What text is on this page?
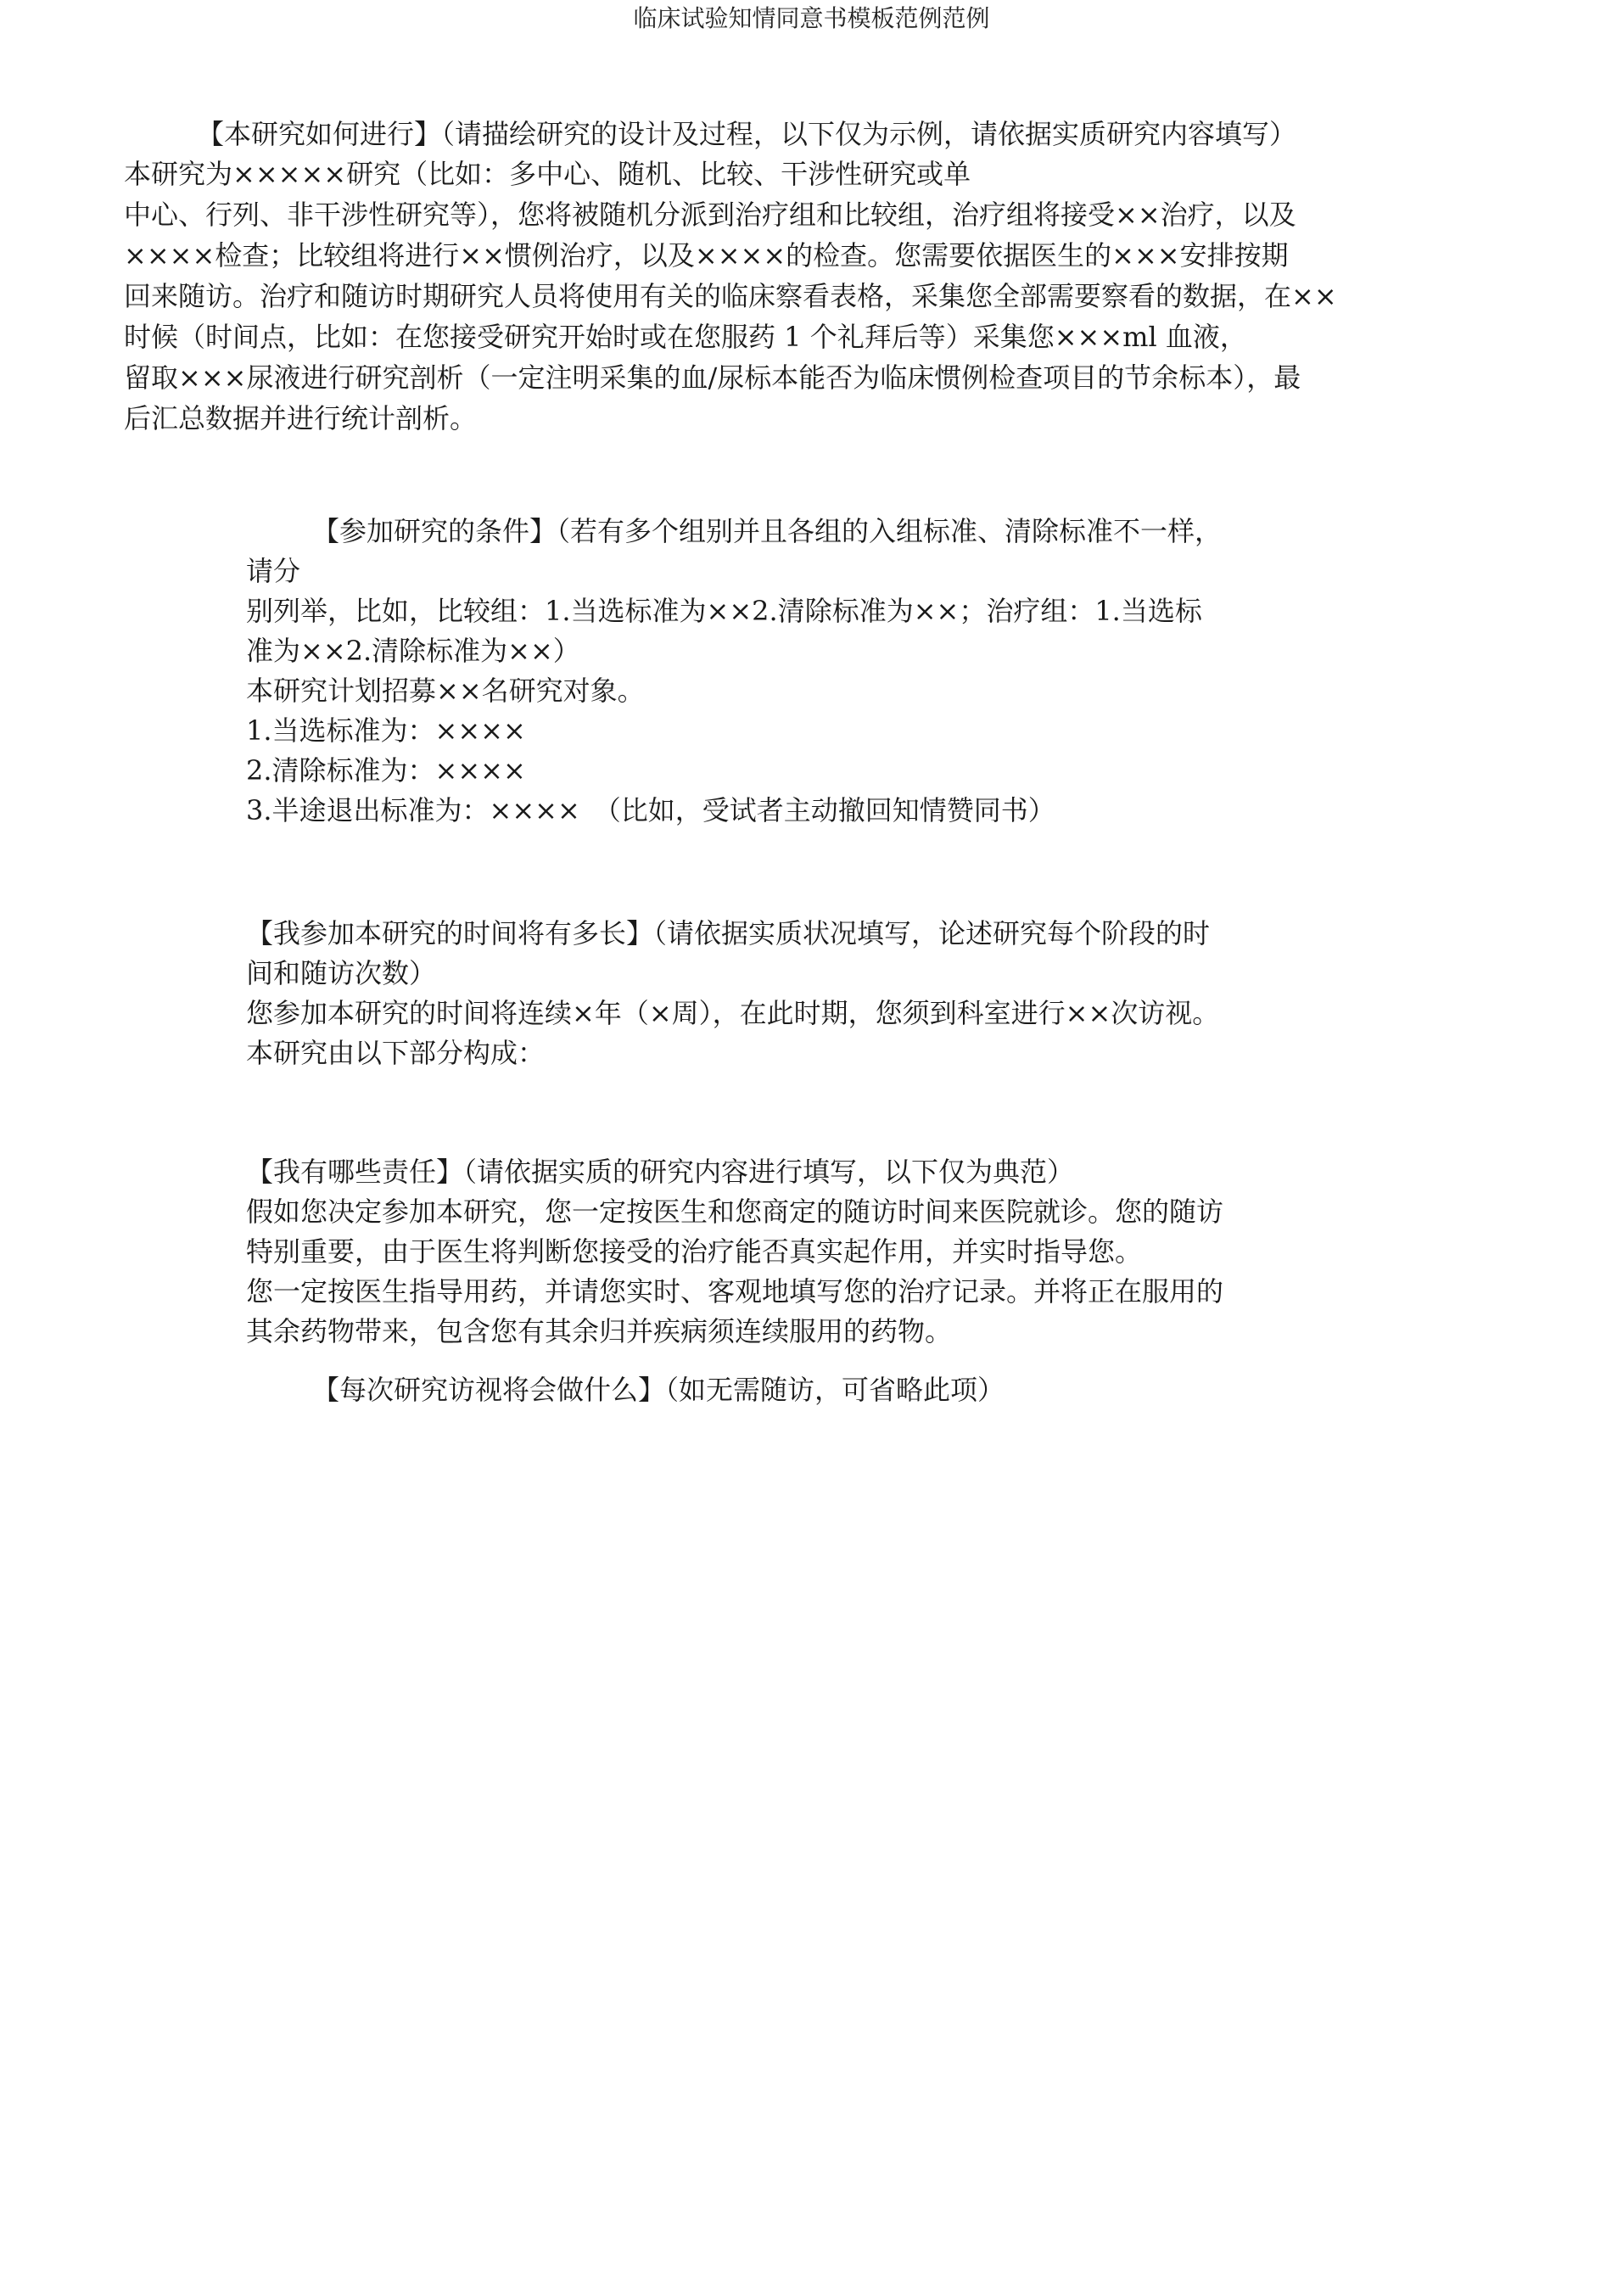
临床试验知情同意书模板范例范例
【本研究如何进行】（请描绘研究的设计及过程，以下仅为示例，请依据实质研究内容填写）
本研究为×××××研究（比如：多中心、随机、比较、干涉性研究或单
中心、行列、非干涉性研究等），您将被随机分派到治疗组和比较组，治疗组将接受××治疗，以及
××××检查；比较组将进行××惯例治疗，以及××××的检查。您需要依据医生的×××安排按期
回来随访。治疗和随访时期研究人员将使用有关的临床察看表格，采集您全部需要察看的数据，在××
时候（时间点，比如：在您接受研究开始时或在您服药 1 个礼拜后等）采集您×××ml 血液，
留取×××尿液进行研究剖析（一定注明采集的血/尿标本能否为临床惯例检查项目的节余标本），最
后汇总数据并进行统计剖析。
【参加研究的条件】（若有多个组别并且各组的入组标准、清除标准不一样，
请分
别列举，比如，比较组：1.当选标准为××2.清除标准为××；治疗组：1.当选标
准为××2.清除标准为××）
本研究计划招募××名研究对象。
1.当选标准为：××××
2.清除标准为：××××
3.半途退出标准为：××××　（比如，受试者主动撤回知情赞同书）
【我参加本研究的时间将有多长】（请依据实质状况填写，论述研究每个阶段的时
间和随访次数）
您参加本研究的时间将连续×年（×周），在此时期，您须到科室进行××次访视。
本研究由以下部分构成：
【我有哪些责任】（请依据实质的研究内容进行填写，以下仅为典范）
假如您决定参加本研究，您一定按医生和您商定的随访时间来医院就诊。您的随访
特别重要，由于医生将判断您接受的治疗能否真实起作用，并实时指导您。
您一定按医生指导用药，并请您实时、客观地填写您的治疗记录。并将正在服用的
其余药物带来，包含您有其余归并疾病须连续服用的药物。
【每次研究访视将会做什么】（如无需随访，可省略此项）
